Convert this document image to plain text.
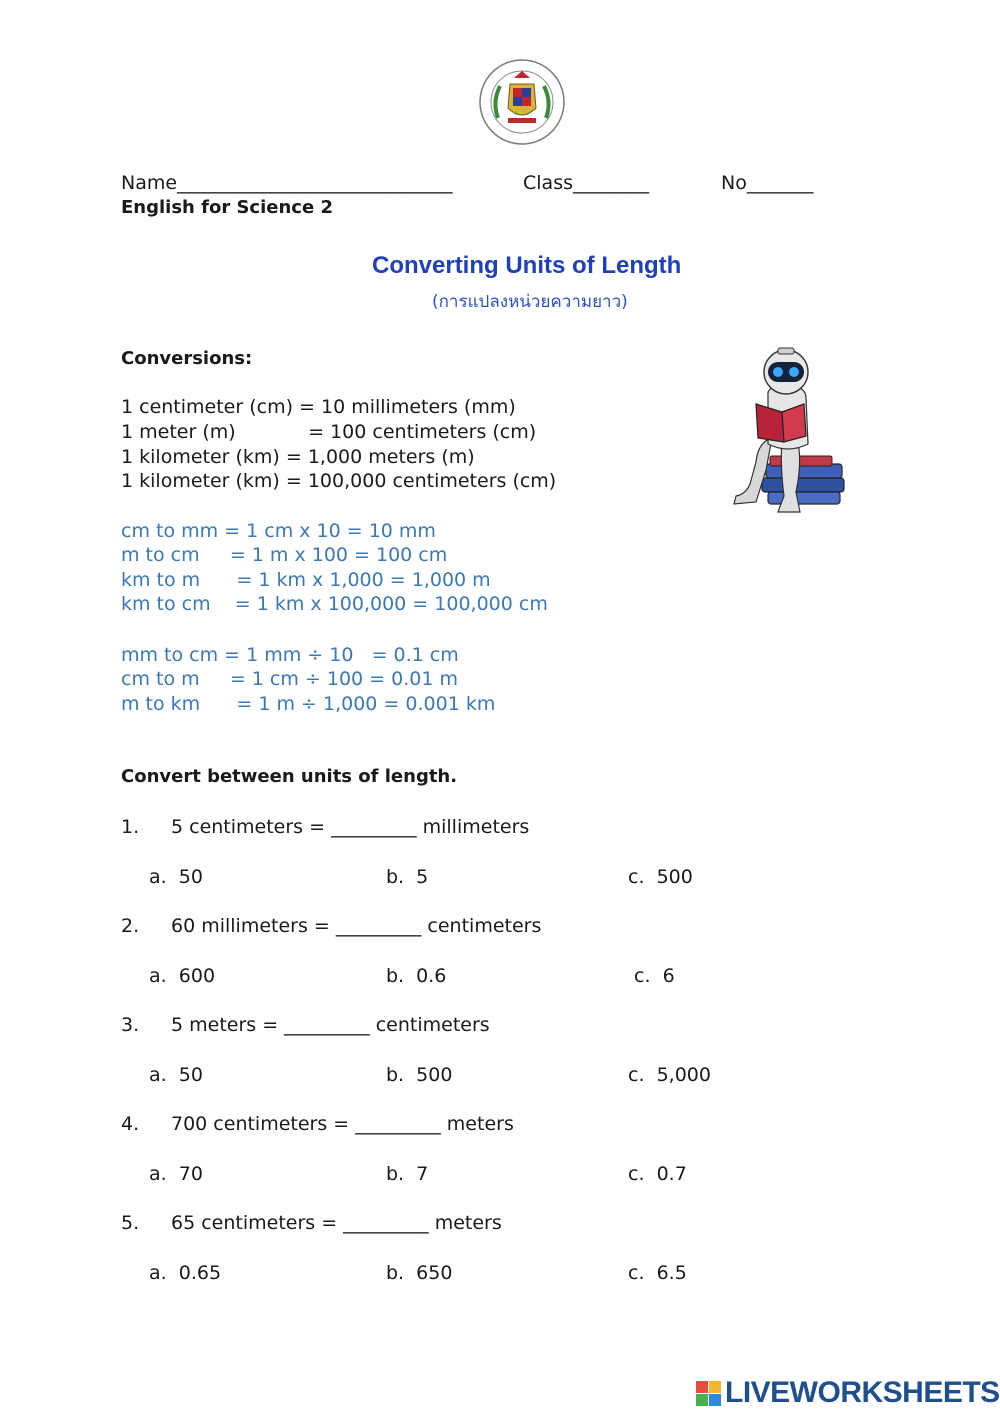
Name_____________________________	Class________	No_______
English for Science 2
Converting Units of Length
(การแปลงหน่วยความยาว)
Conversions:
1 centimeter (cm) = 10 millimeters (mm)
1 meter (m)            = 100 centimeters (cm)
1 kilometer (km) = 1,000 meters (m)
1 kilometer (km) = 100,000 centimeters (cm)
cm to mm = 1 cm x 10 = 10 mm
m to cm     = 1 m x 100 = 100 cm
km to m      = 1 km x 1,000 = 1,000 m
km to cm    = 1 km x 100,000 = 100,000 cm
mm to cm = 1 mm ÷ 10   = 0.1 cm
cm to m     = 1 cm ÷ 100 = 0.01 m
m to km      = 1 m ÷ 1,000 = 0.001 km
Convert between units of length.
1. 5 centimeters = _________ millimeters
a.  50	b.  5	c.  500
2. 60 millimeters = _________ centimeters
a.  600	b.  0.6	c.  6
3. 5 meters = _________ centimeters
a.  50	b.  500	c.  5,000
4. 700 centimeters = _________ meters
a.  70	b.  7	c.  0.7
5. 65 centimeters = _________ meters
a.  0.65	b.  650	c.  6.5
LIVEWORKSHEETS
